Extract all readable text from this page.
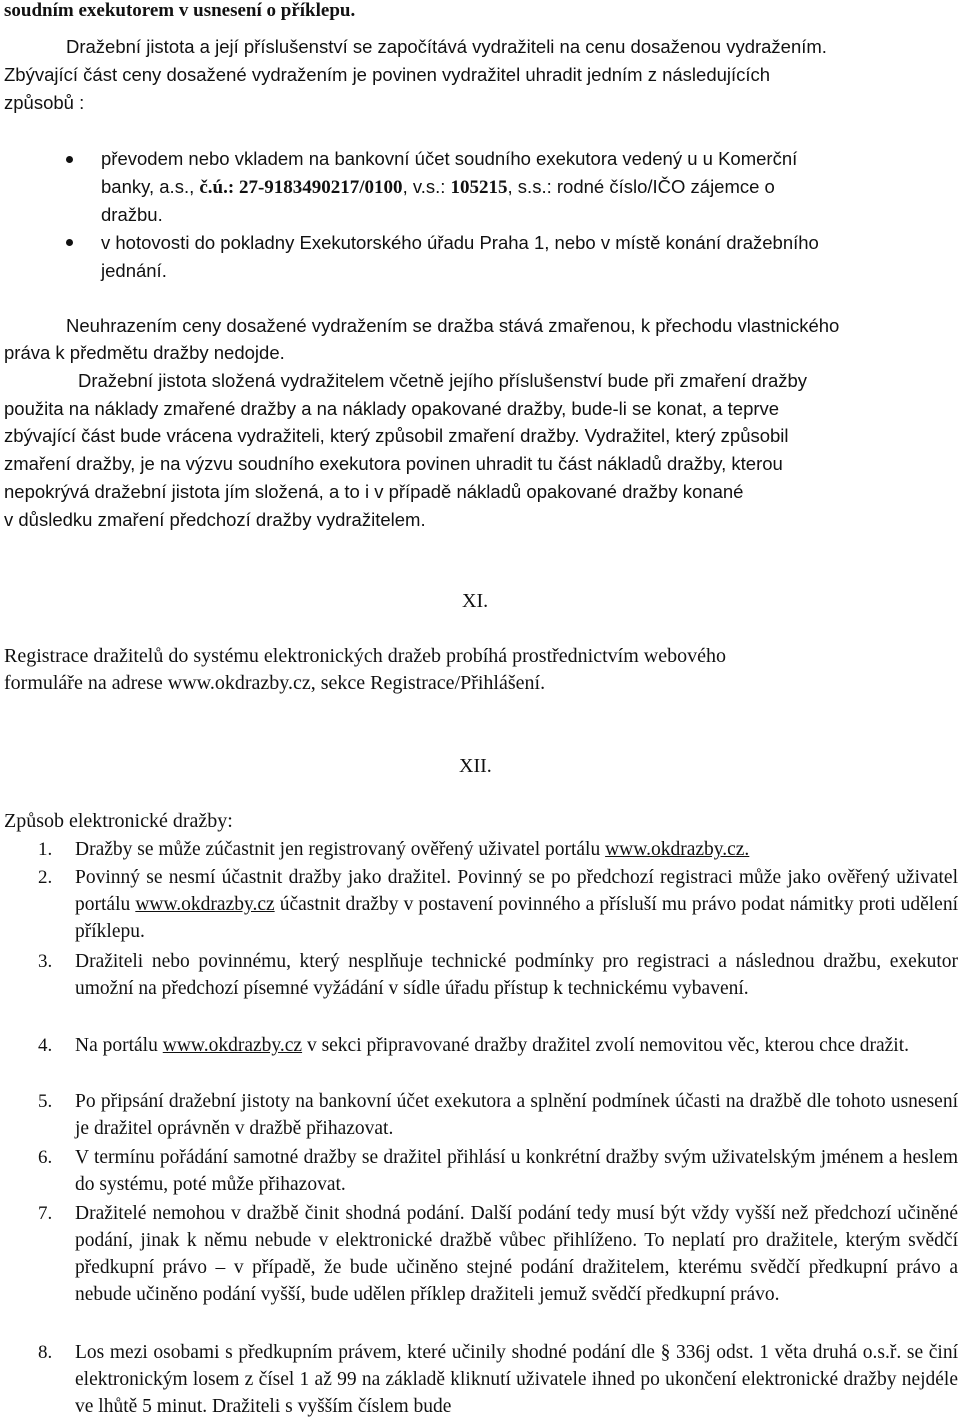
soudním exekutorem v usnesení o příklepu.
Dražební jistota a její příslušenství se započítává vydražiteli na cenu dosaženou vydražením.
Zbývající část ceny dosažené vydražením je povinen vydražitel uhradit jedním z následujících
způsobů :
převodem nebo vkladem na bankovní účet soudního exekutora vedený u u Komerční
banky, a.s., č.ú.: 27-9183490217/0100, v.s.: 105215, s.s.: rodné číslo/IČO zájemce o
dražbu.
v hotovosti do pokladny Exekutorského úřadu Praha 1, nebo v místě konání dražebního
jednání.
Neuhrazením ceny dosažené vydražením se dražba stává zmařenou, k přechodu vlastnického
práva k předmětu dražby nedojde.
Dražební jistota složená vydražitelem včetně jejího příslušenství bude při zmaření dražby
použita na náklady zmařené dražby a na náklady opakované dražby, bude-li se konat, a teprve
zbývající část bude vrácena vydražiteli, který způsobil zmaření dražby. Vydražitel, který způsobil
zmaření dražby, je na výzvu soudního exekutora povinen uhradit tu část nákladů dražby, kterou
nepokrývá dražební jistota jím složená, a to i v případě nákladů opakované dražby konané
v důsledku zmaření předchozí dražby vydražitelem.
XI.
Registrace dražitelů do systému elektronických dražeb probíhá prostřednictvím webového
formuláře na adrese www.okdrazby.cz, sekce Registrace/Přihlášení.
XII.
Způsob elektronické dražby:
1. Dražby se může zúčastnit jen registrovaný ověřený uživatel portálu www.okdrazby.cz.
2. Povinný se nesmí účastnit dražby jako dražitel. Povinný se po předchozí registraci může jako ověřený uživatel portálu www.okdrazby.cz účastnit dražby v postavení povinného a přísluší mu právo podat námitky proti udělení příklepu.
3. Dražiteli nebo povinnému, který nesplňuje technické podmínky pro registraci a následnou dražbu, exekutor umožní na předchozí písemné vyžádání v sídle úřadu přístup k technickému vybavení.
4. Na portálu www.okdrazby.cz v sekci připravované dražby dražitel zvolí nemovitou věc, kterou chce dražit.
5. Po připsání dražební jistoty na bankovní účet exekutora a splnění podmínek účasti na dražbě dle tohoto usnesení je dražitel oprávněn v dražbě přihazovat.
6. V termínu pořádání samotné dražby se dražitel přihlásí u konkrétní dražby svým uživatelským jménem a heslem do systému, poté může přihazovat.
7. Dražitelé nemohou v dražbě činit shodná podání. Další podání tedy musí být vždy vyšší než předchozí učiněné podání, jinak k němu nebude v elektronické dražbě vůbec přihlíženo. To neplatí pro dražitele, kterým svědčí předkupní právo – v případě, že bude učiněno stejné podání dražitelem, kterému svědčí předkupní právo a nebude učiněno podání vyšší, bude udělen příklep dražiteli jemuž svědčí předkupní právo.
8. Los mezi osobami s předkupním právem, které učinily shodné podání dle § 336j odst. 1 věta druhá o.s.ř. se činí elektronickým losem z čísel 1 až 99 na základě kliknutí uživatele ihned po ukončení elektronické dražby nejdéle ve lhůtě 5 minut. Dražiteli s vyšším číslem bude
